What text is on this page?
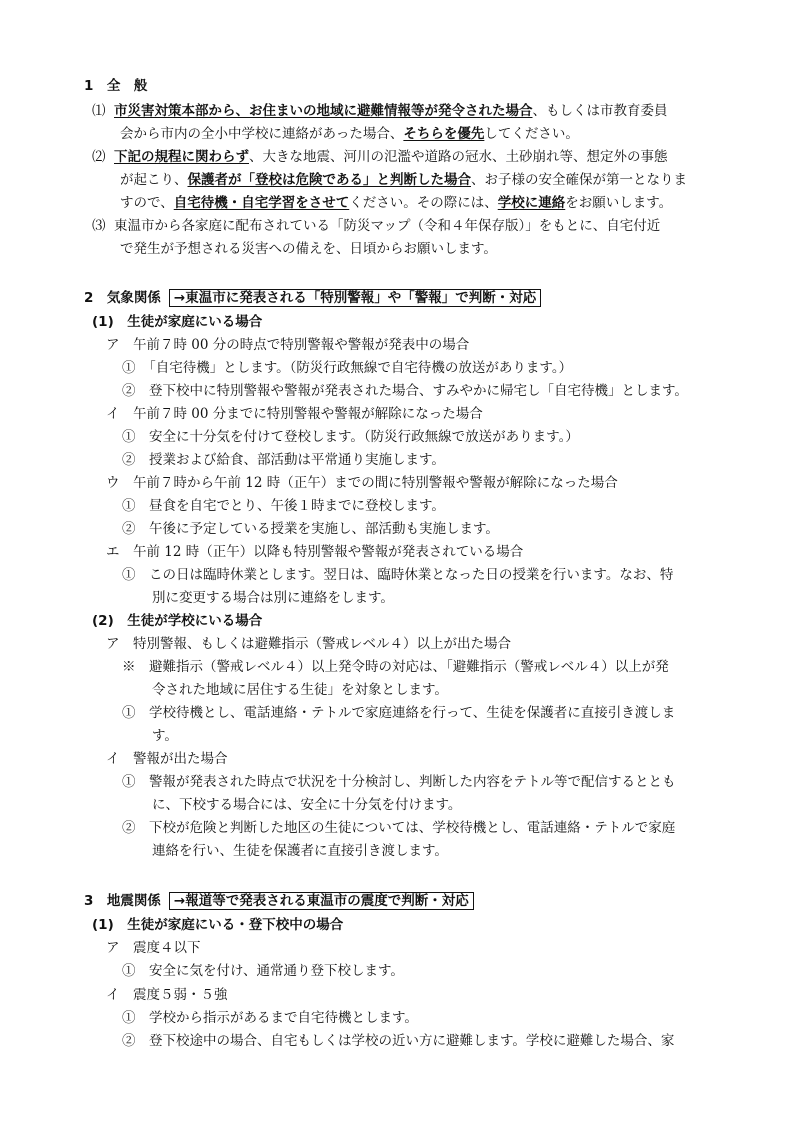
1　 全　般
⑴ 市災害対策本部から、お住まいの地域に避難情報等が発令された場合、もしくは市教育委員
会から市内の全小中学校に連絡があった場合、そちらを優先してください。
⑵ 下記の規程に関わらず、大きな地震、河川の氾濫や道路の冠水、土砂崩れ等、想定外の事態
が起こり、保護者が「登校は危険である」と判断した場合、お子様の安全確保が第一となりま
すので、自宅待機・自宅学習をさせてください。その際には、学校に連絡をお願いします。
⑶ 東温市から各家庭に配布されている「防災マップ（令和４年保存版）」をもとに、自宅付近
で発生が予想される災害への備えを、日頃からお願いします。
2　 気象関係 →東温市に発表される「特別警報」や「警報」で判断・対応
(1)　生徒が家庭にいる場合
ア　午前７時 00 分の時点で特別警報や警報が発表中の場合
①　「自宅待機」とします。（防災行政無線で自宅待機の放送があります。）
②　登下校中に特別警報や警報が発表された場合、すみやかに帰宅し「自宅待機」とします。
イ　午前７時 00 分までに特別警報や警報が解除になった場合
①　安全に十分気を付けて登校します。（防災行政無線で放送があります。）
②　授業および給食、部活動は平常通り実施します。
ウ　午前７時から午前 12 時（正午）までの間に特別警報や警報が解除になった場合
①　昼食を自宅でとり、午後１時までに登校します。
②　午後に予定している授業を実施し、部活動も実施します。
エ　午前 12 時（正午）以降も特別警報や警報が発表されている場合
①　この日は臨時休業とします。翌日は、臨時休業となった日の授業を行います。なお、特
別に変更する場合は別に連絡をします。
(2)　生徒が学校にいる場合
ア　特別警報、もしくは避難指示（警戒レベル４）以上が出た場合
※　避難指示（警戒レベル４）以上発令時の対応は、「避難指示（警戒レベル４）以上が発
令された地域に居住する生徒」を対象とします。
①　学校待機とし、電話連絡・テトルで家庭連絡を行って、生徒を保護者に直接引き渡しま
す。
イ　警報が出た場合
①　警報が発表された時点で状況を十分検討し、判断した内容をテトル等で配信するととも
に、下校する場合には、安全に十分気を付けます。
②　下校が危険と判断した地区の生徒については、学校待機とし、電話連絡・テトルで家庭
連絡を行い、生徒を保護者に直接引き渡します。
3　 地震関係 →報道等で発表される東温市の震度で判断・対応
(1)　生徒が家庭にいる・登下校中の場合
ア　震度４以下
①　安全に気を付け、通常通り登下校します。
イ　震度５弱・５強
①　学校から指示があるまで自宅待機とします。
②　登下校途中の場合、自宅もしくは学校の近い方に避難します。学校に避難した場合、家
